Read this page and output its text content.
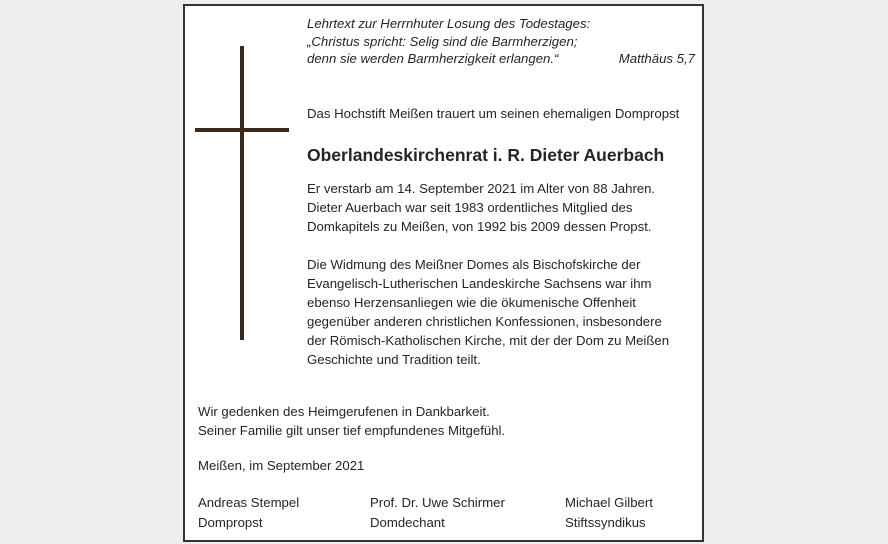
Lehrtext zur Herrnhuter Losung des Todestages:
„Christus spricht: Selig sind die Barmherzigen;
denn sie werden Barmherzigkeit erlangen.“	Matthäus 5,7
Das Hochstift Meißen trauert um seinen ehemaligen Dompropst
Oberlandeskirchenrat i. R. Dieter Auerbach
Er verstarb am 14. September 2021 im Alter von 88 Jahren.
Dieter Auerbach war seit 1983 ordentliches Mitglied des
Domkapitels zu Meißen, von 1992 bis 2009 dessen Propst.
Die Widmung des Meißner Domes als Bischofskirche der
Evangelisch-Lutherischen Landeskirche Sachsens war ihm
ebenso Herzensanliegen wie die ökumenische Offenheit
gegenüber anderen christlichen Konfessionen, insbesondere
der Römisch-Katholischen Kirche, mit der der Dom zu Meißen
Geschichte und Tradition teilt.
Wir gedenken des Heimgerufenen in Dankbarkeit.
Seiner Familie gilt unser tief empfundenes Mitgefühl.
Meißen, im September 2021
Andreas Stempel
Dompropst
Prof. Dr. Uwe Schirmer
Domdechant
Michael Gilbert
Stiftssyndikus
